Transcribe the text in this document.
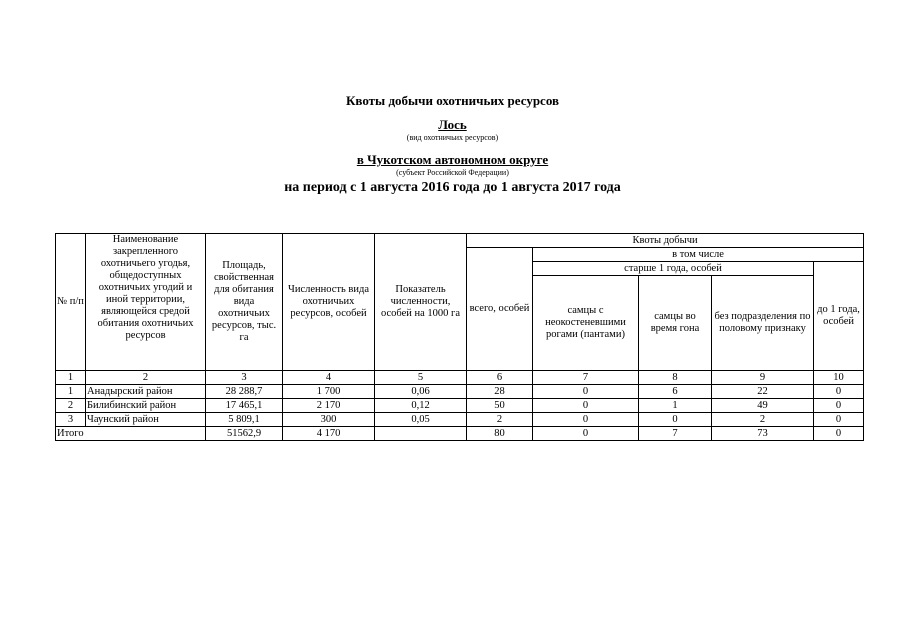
Квоты добычи охотничьих ресурсов
Лось
(вид охотничьих ресурсов)
в Чукотском автономном округе
(субъект Российской Федерации)
на период с 1 августа 2016 года до 1 августа 2017 года
№ п/п	Наименование закрепленного охотничьего угодья, общедоступных охотничьих угодий и иной территории, являющейся средой обитания охотничьих ресурсов	Площадь, свойственная для обитания вида охотничьих ресурсов, тыс. га	Численность вида охотничьих ресурсов, особей	Показатель численности, особей на 1000 га	Квоты добычи				
					всего, особей	в том числе			
						старше 1 года, особей			до 1 года, особей
						самцы с неокостеневшими рогами (пантами)	самцы во время гона	без подразделения по половому признаку	
1	2	3	4	5	6	7	8	9	10
1	Анадырский район	28 288,7	1 700	0,06	28	0	6	22	0
2	Билибинский район	17 465,1	2 170	0,12	50	0	1	49	0
3	Чаунский район	5 809,1	300	0,05	2	0	0	2	0
Итого		51562,9	4 170		80	0	7	73	0
